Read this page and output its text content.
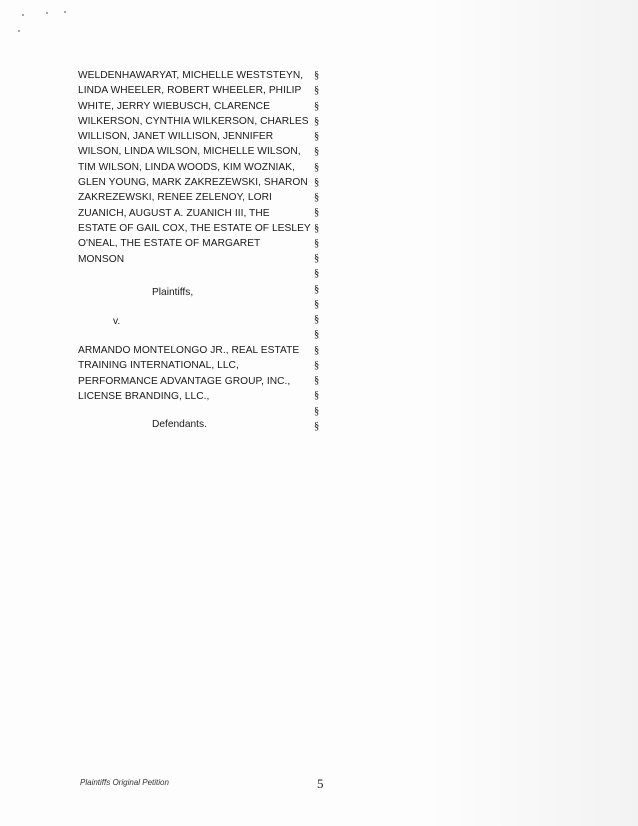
WELDENHAWARYAT, MICHELLE WESTSTEYN,
LINDA WHEELER, ROBERT WHEELER, PHILIP
WHITE, JERRY WIEBUSCH, CLARENCE
WILKERSON, CYNTHIA WILKERSON, CHARLES
WILLISON, JANET WILLISON, JENNIFER
WILSON, LINDA WILSON, MICHELLE WILSON,
TIM WILSON, LINDA WOODS, KIM WOZNIAK,
GLEN YOUNG, MARK ZAKREZEWSKI, SHARON
ZAKREZEWSKI, RENEE ZELENOY, LORI
ZUANICH, AUGUST A. ZUANICH III, THE
ESTATE OF GAIL COX, THE ESTATE OF LESLEY
O'NEAL, THE ESTATE OF MARGARET
MONSON
Plaintiffs,
v.
ARMANDO MONTELONGO JR., REAL ESTATE
TRAINING INTERNATIONAL, LLC,
PERFORMANCE ADVANTAGE GROUP, INC.,
LICENSE BRANDING, LLC.,
Defendants.
§
§
§
§
§
§
§
§
§
§
§
§
§
§
§
§
§
§
§
§
§
§
§
§
Plaintiffs Original Petition	5
